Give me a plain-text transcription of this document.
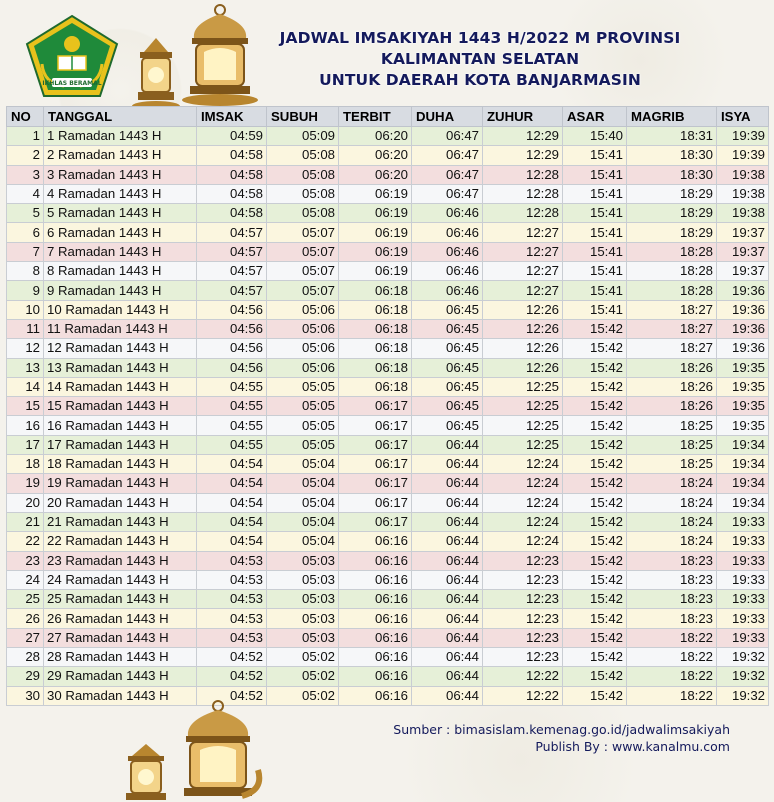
IKHLAS BERAMAL
JADWAL IMSAKIYAH 1443 H/2022 M PROVINSI
KALIMANTAN SELATAN
UNTUK DAERAH KOTA BANJARMASIN
NO	TANGGAL	IMSAK	SUBUH	TERBIT	DUHA	ZUHUR	ASAR	MAGRIB	ISYA
1	1 Ramadan 1443 H	04:59	05:09	06:20	06:47	12:29	15:40	18:31	19:39
2	2 Ramadan 1443 H	04:58	05:08	06:20	06:47	12:29	15:41	18:30	19:39
3	3 Ramadan 1443 H	04:58	05:08	06:20	06:47	12:28	15:41	18:30	19:38
4	4 Ramadan 1443 H	04:58	05:08	06:19	06:47	12:28	15:41	18:29	19:38
5	5 Ramadan 1443 H	04:58	05:08	06:19	06:46	12:28	15:41	18:29	19:38
6	6 Ramadan 1443 H	04:57	05:07	06:19	06:46	12:27	15:41	18:29	19:37
7	7 Ramadan 1443 H	04:57	05:07	06:19	06:46	12:27	15:41	18:28	19:37
8	8 Ramadan 1443 H	04:57	05:07	06:19	06:46	12:27	15:41	18:28	19:37
9	9 Ramadan 1443 H	04:57	05:07	06:18	06:46	12:27	15:41	18:28	19:36
10	10 Ramadan 1443 H	04:56	05:06	06:18	06:45	12:26	15:41	18:27	19:36
11	11 Ramadan 1443 H	04:56	05:06	06:18	06:45	12:26	15:42	18:27	19:36
12	12 Ramadan 1443 H	04:56	05:06	06:18	06:45	12:26	15:42	18:27	19:36
13	13 Ramadan 1443 H	04:56	05:06	06:18	06:45	12:26	15:42	18:26	19:35
14	14 Ramadan 1443 H	04:55	05:05	06:18	06:45	12:25	15:42	18:26	19:35
15	15 Ramadan 1443 H	04:55	05:05	06:17	06:45	12:25	15:42	18:26	19:35
16	16 Ramadan 1443 H	04:55	05:05	06:17	06:45	12:25	15:42	18:25	19:35
17	17 Ramadan 1443 H	04:55	05:05	06:17	06:44	12:25	15:42	18:25	19:34
18	18 Ramadan 1443 H	04:54	05:04	06:17	06:44	12:24	15:42	18:25	19:34
19	19 Ramadan 1443 H	04:54	05:04	06:17	06:44	12:24	15:42	18:24	19:34
20	20 Ramadan 1443 H	04:54	05:04	06:17	06:44	12:24	15:42	18:24	19:34
21	21 Ramadan 1443 H	04:54	05:04	06:17	06:44	12:24	15:42	18:24	19:33
22	22 Ramadan 1443 H	04:54	05:04	06:16	06:44	12:24	15:42	18:24	19:33
23	23 Ramadan 1443 H	04:53	05:03	06:16	06:44	12:23	15:42	18:23	19:33
24	24 Ramadan 1443 H	04:53	05:03	06:16	06:44	12:23	15:42	18:23	19:33
25	25 Ramadan 1443 H	04:53	05:03	06:16	06:44	12:23	15:42	18:23	19:33
26	26 Ramadan 1443 H	04:53	05:03	06:16	06:44	12:23	15:42	18:23	19:33
27	27 Ramadan 1443 H	04:53	05:03	06:16	06:44	12:23	15:42	18:22	19:33
28	28 Ramadan 1443 H	04:52	05:02	06:16	06:44	12:23	15:42	18:22	19:32
29	29 Ramadan 1443 H	04:52	05:02	06:16	06:44	12:22	15:42	18:22	19:32
30	30 Ramadan 1443 H	04:52	05:02	06:16	06:44	12:22	15:42	18:22	19:32
Sumber : bimasislam.kemenag.go.id/jadwalimsakiyah
Publish By : www.kanalmu.com
